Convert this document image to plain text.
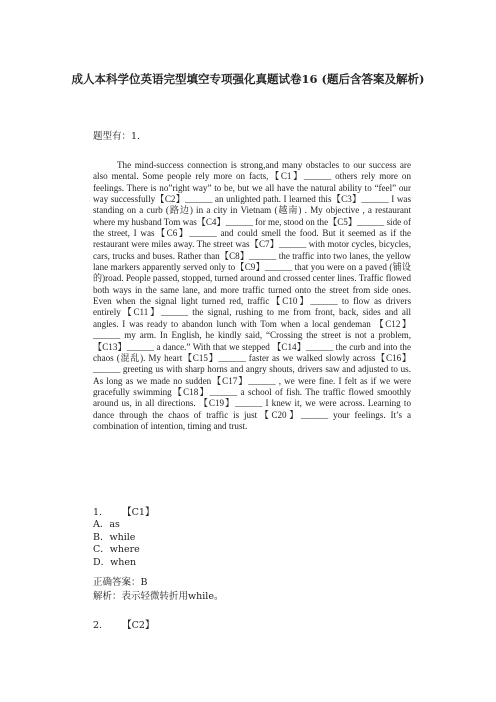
成人本科学位英语完型填空专项强化真题试卷16 (题后含答案及解析)
题型有：1.

The mind-success connection is strong,and many obstacles to our success are also mental. Some people rely more on facts,【C1】______ others rely more on feelings. There is no”right way” to be, but we all have the natural ability to “feel” our way successfully【C2】______ an unlighted path. I learned this【C3】______ I was standing on a curb (路边) in a city in Vietnam (越南) . My objective , a restaurant where my husband Tom was【C4】______ for me, stood on the【C5】______ side of the street, I was【C6】______ and could smell the food. But it seemed as if the restaurant were miles away. The street was【C7】______ with motor cycles, bicycles, cars, trucks and buses. Rather than【C8】______ the traffic into two lanes, the yellow lane markers apparently served only to【C9】______ that you were on a paved (铺设的)road. People passed, stopped, turned around and crossed center lines. Traffic flowed both ways in the same lane, and more traffic turned onto the street from side ones. Even when the signal light turned red, traffic【C10】______ to flow as drivers entirely【C11】______ the signal, rushing to me from front, back, sides and all angles. I was ready to abandon lunch with Tom when a local gendeman 【C12】______ my arm. In English, he kindly said, “Crossing the street is not a problem, 【C13】______ a dance.” With that we stepped 【C14】______ the curb and into the chaos (混乱). My heart【C15】______ faster as we walked slowly across【C16】______ greeting us with sharp horns and angry shouts, drivers saw and adjusted to us. As long as we made no sudden【C17】______ , we were fine. I felt as if we were gracefully swimming【C18】______ a school of fish. The traffic flowed smoothly around us, in all directions. 【C19】______ I knew it, we were across. Learning to dance through the chaos of traffic is just【C20】______ your feelings. It’s a combination of intention, timing and trust.

1. 【C1】
A．as
B．while
C．where
D．when
正确答案：B
解析：表示轻微转折用while。
2. 【C2】
